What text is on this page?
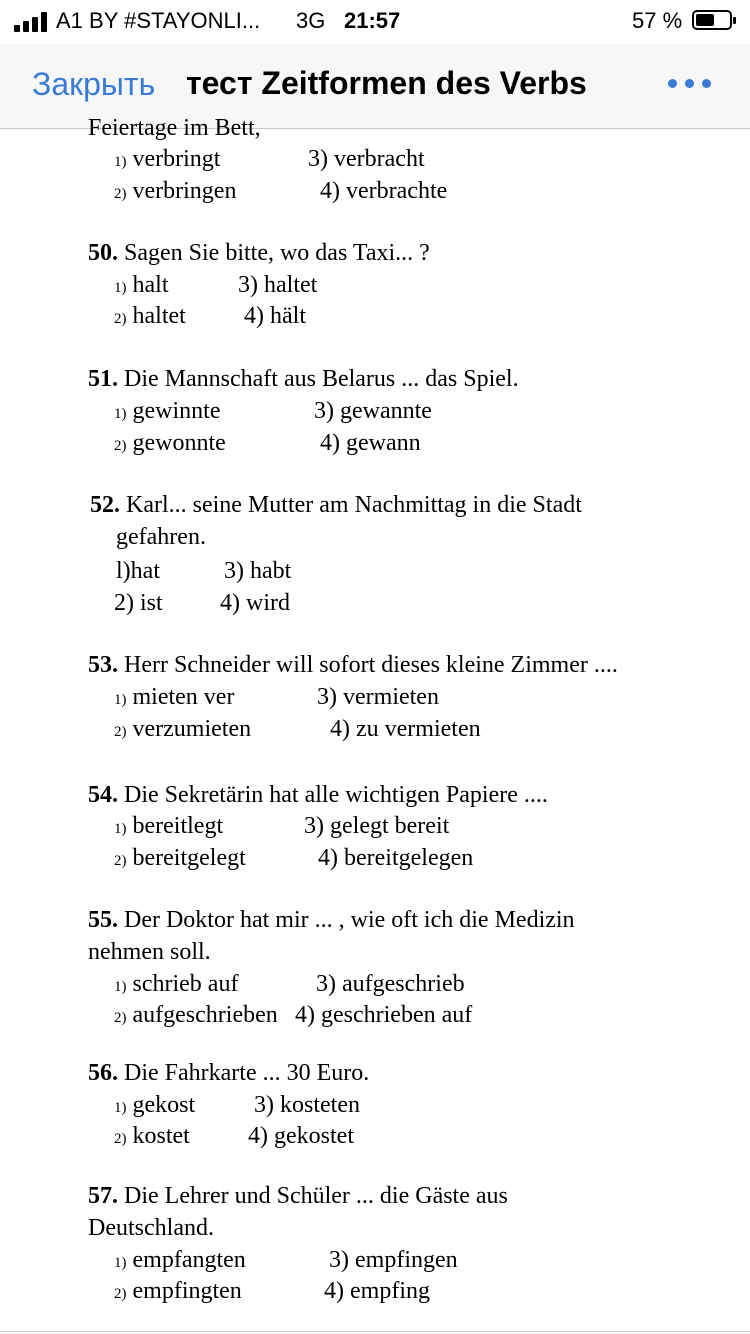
A1 BY #STAYONLI... 3G 21:57	57 %
Закрыть тест Zeitformen des Verbs
Feiertage im Bett,
1) verbringt	3) verbracht
2) verbringen	4) verbrachte
50. Sagen Sie bitte, wo das Taxi... ?
1) halt	3) haltet
2) haltet 4) hält
51. Die Mannschaft aus Belarus ... das Spiel.
1) gewinnte	3) gewannte
2) gewonnte	4) gewann
52. Karl... seine Mutter am Nachmittag in die Stadt
gefahren.
l)hat	3) habt
2) ist 4) wird
53. Herr Schneider will sofort dieses kleine Zimmer ....
1) mieten ver	3) vermieten
2) verzumieten	4) zu vermieten
54. Die Sekretärin hat alle wichtigen Papiere ....
1) bereitlegt	3) gelegt bereit
2) bereitgelegt	4) bereitgelegen
55. Der Doktor hat mir ... , wie oft ich die Medizin
nehmen soll.
1) schrieb auf	3) aufgeschrieb
2) aufgeschrieben 4) geschrieben auf
56. Die Fahrkarte ... 30 Euro.
1) gekost 3) kosteten
2) kostet 4) gekostet
57. Die Lehrer und Schüler ... die Gäste aus
Deutschland.
1) empfangten	3) empfingen
2) empfingten	4) empfing
